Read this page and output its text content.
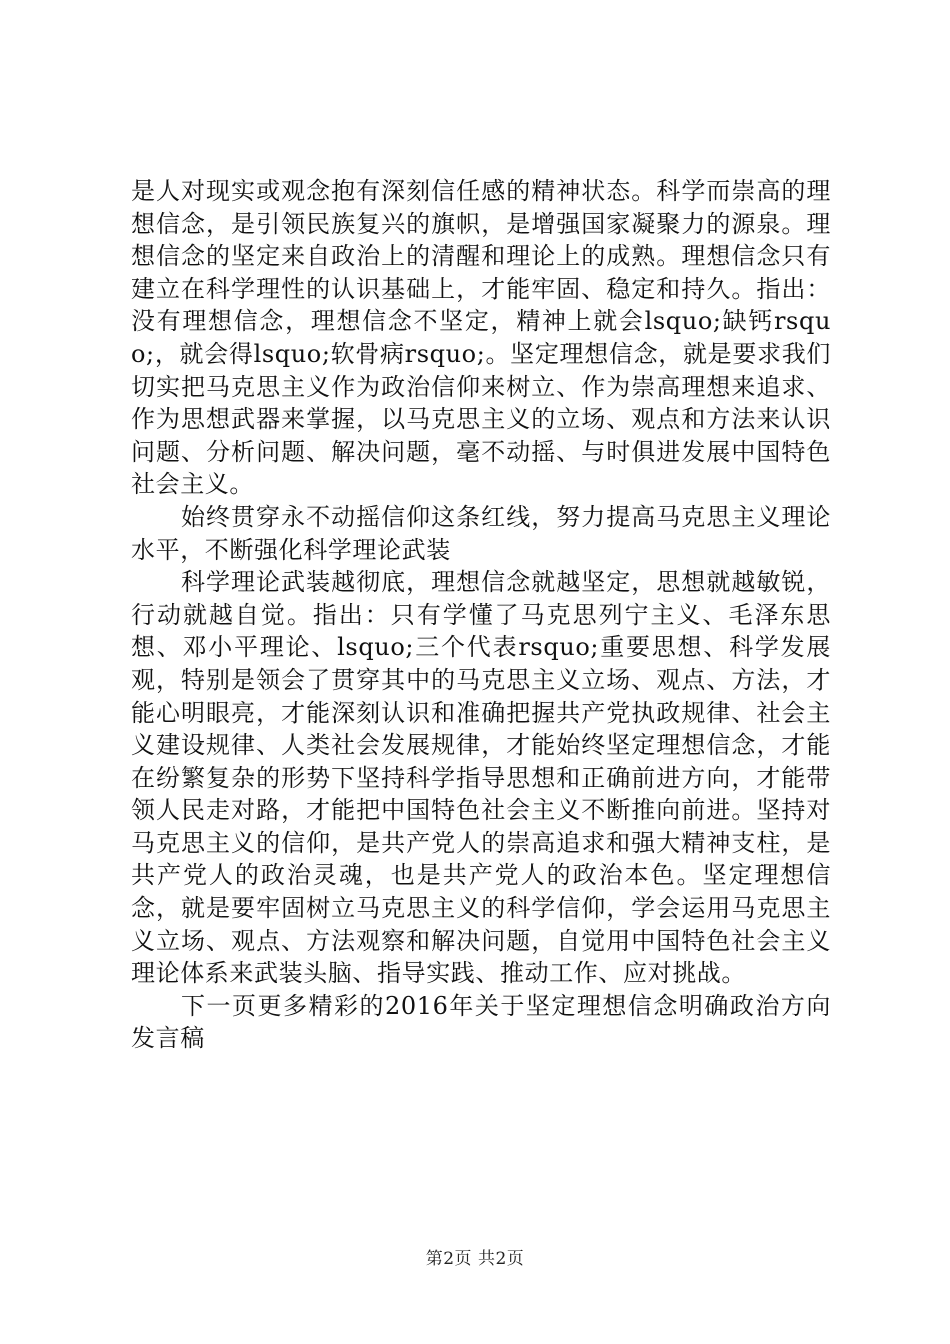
是人对现实或观念抱有深刻信任感的精神状态。科学而崇高的理想信念，是引领民族复兴的旗帜，是增强国家凝聚力的源泉。理想信念的坚定来自政治上的清醒和理论上的成熟。理想信念只有建立在科学理性的认识基础上，才能牢固、稳定和持久。指出：没有理想信念，理想信念不坚定，精神上就会lsquo;缺钙rsquo;，就会得lsquo;软骨病rsquo;。坚定理想信念，就是要求我们切实把马克思主义作为政治信仰来树立、作为崇高理想来追求、作为思想武器来掌握，以马克思主义的立场、观点和方法来认识问题、分析问题、解决问题，毫不动摇、与时俱进发展中国特色社会主义。

始终贯穿永不动摇信仰这条红线，努力提高马克思主义理论水平，不断强化科学理论武装

科学理论武装越彻底，理想信念就越坚定，思想就越敏锐，行动就越自觉。指出：只有学懂了马克思列宁主义、毛泽东思想、邓小平理论、lsquo;三个代表rsquo;重要思想、科学发展观，特别是领会了贯穿其中的马克思主义立场、观点、方法，才能心明眼亮，才能深刻认识和准确把握共产党执政规律、社会主义建设规律、人类社会发展规律，才能始终坚定理想信念，才能在纷繁复杂的形势下坚持科学指导思想和正确前进方向，才能带领人民走对路，才能把中国特色社会主义不断推向前进。坚持对马克思主义的信仰，是共产党人的崇高追求和强大精神支柱，是共产党人的政治灵魂，也是共产党人的政治本色。坚定理想信念，就是要牢固树立马克思主义的科学信仰，学会运用马克思主义立场、观点、方法观察和解决问题，自觉用中国特色社会主义理论体系来武装头脑、指导实践、推动工作、应对挑战。

下一页更多精彩的2016年关于坚定理想信念明确政治方向发言稿

第2页 共2页
